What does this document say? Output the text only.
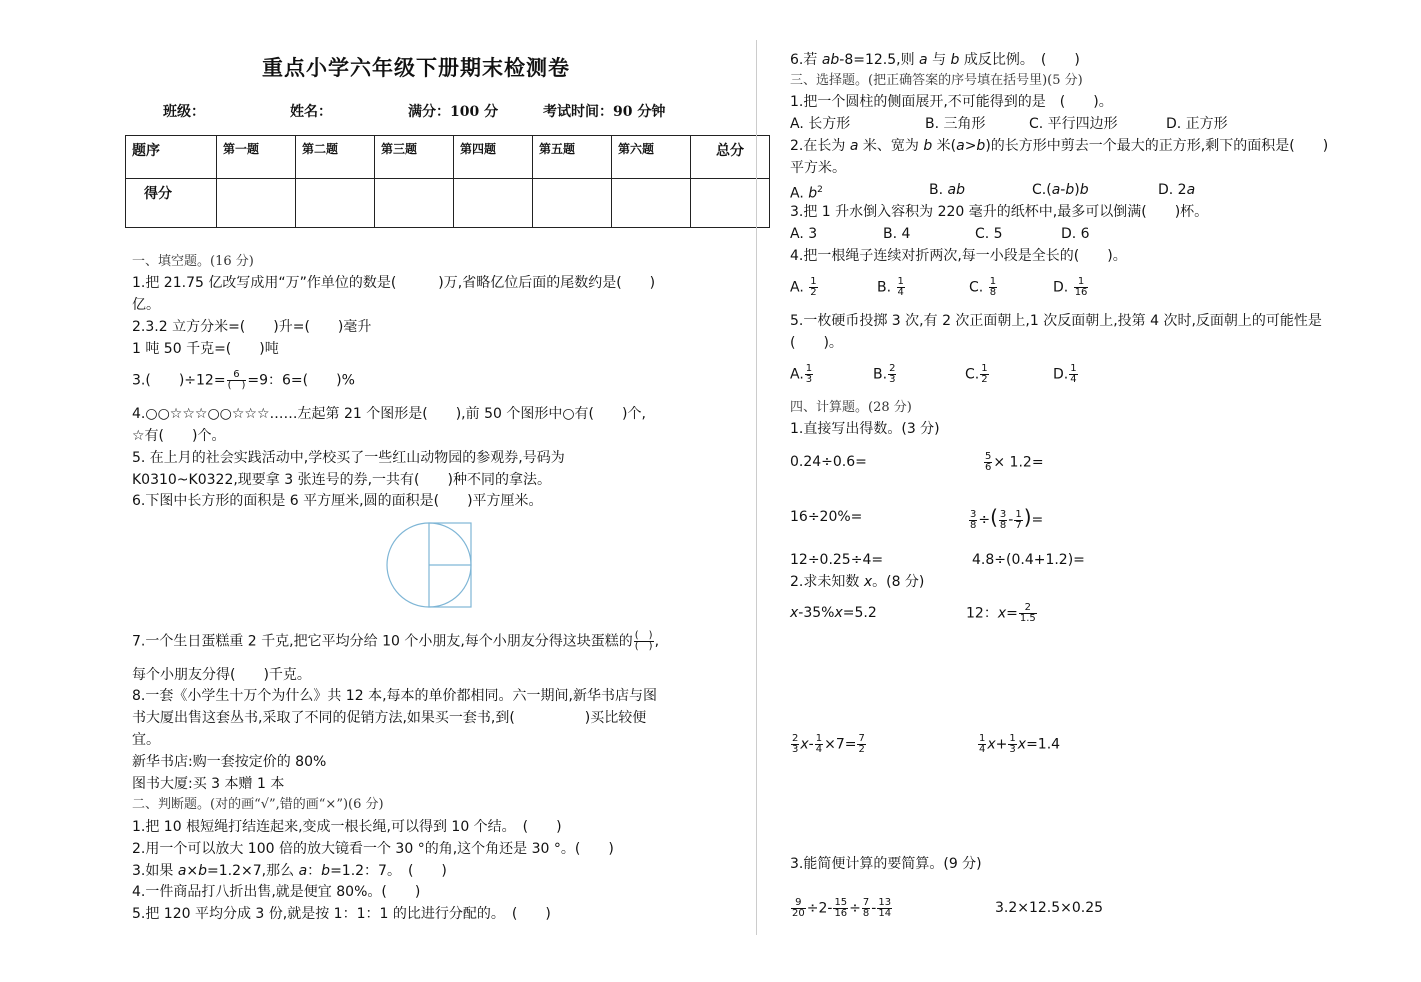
重点小学六年级下册期末检测卷
班级：	姓名：	满分：100 分	考试时间：90 分钟
题序	第一题	第二题	第三题	第四题	第五题	第六题	总分
得分							
一、填空题。(16 分)
1.把 21.75 亿改写成用“万”作单位的数是(　　　)万,省略亿位后面的尾数约是(　　)
亿。
2.3.2 立方分米=(　　)升=(　　)毫升
1 吨 50 千克=(　　)吨
3.(　　)$\div 12= \frac{6}{( )} =9$：6=(　　)%
4.○○☆☆☆○○☆☆☆……左起第 21 个图形是(　　),前 50 个图形中○有(　　)个,
☆有(　　)个。
5. 在上月的社会实践活动中,学校买了一些红山动物园的参观券,号码为
K0310~K0322,现要拿 3 张连号的券,一共有(　　)种不同的拿法。
6.下图中长方形的面积是 6 平方厘米,圆的面积是(　　)平方厘米。
7.一个生日蛋糕重 2 千克,把它平均分给 10 个小朋友,每个小朋友分得这块蛋糕的 $\frac{( )}{( )}$ ,
每个小朋友分得(　　)千克。
8.一套《小学生十万个为什么》共 12 本,每本的单价都相同。六一期间,新华书店与图
书大厦出售这套丛书,采取了不同的促销方法,如果买一套书,到(　　　　　)买比较便
宜。
新华书店:购一套按定价的 80%
图书大厦:买 3 本赠 1 本
二、判断题。(对的画“√”,错的画“×”)(6 分)
1.把 10 根短绳打结连起来,变成一根长绳,可以得到 10 个结。　(　　)
2.用一个可以放大 100 倍的放大镜看一个 30 °的角,这个角还是 30 °。(　　)
3.如果 a×b=1.2×7,那么 a：b=1.2：7。　(　　)
4.一件商品打八折出售,就是便宜 80%。(　　)
5.把 120 平均分成 3 份,就是按 1：1：1 的比进行分配的。　(　　)
6.若 ab-8=12.5,则 a 与 b 成反比例。　(　　)
三、选择题。(把正确答案的序号填在括号里)(5 分)
1.把一个圆柱的侧面展开,不可能得到的是　(　　)。
A. 长方形	B. 三角形	C. 平行四边形	D. 正方形
2.在长为 a 米、宽为 b 米(a>b)的长方形中剪去一个最大的正方形,剩下的面积是(　　)
平方米。
A. $b^2$	B. ab	C.(a-b)b	D. 2a
3.把 1 升水倒入容积为 220 毫升的纸杯中,最多可以倒满(　　)杯。
A. 3	B. 4	C. 5	D. 6
4.把一根绳子连续对折两次,每一小段是全长的(　　)。
A. $\frac{1}{2}$	B. $\frac{1}{4}$	C. $\frac{1}{8}$	D. $\frac{1}{16}$
5.一枚硬币投掷 3 次,有 2 次正面朝上,1 次反面朝上,投第 4 次时,反面朝上的可能性是
(　　)。
A. $\frac{1}{3}$	B. $\frac{2}{3}$	C. $\frac{1}{2}$	D. $\frac{1}{4}$
四、计算题。(28 分)
1.直接写出得数。(3 分)
0.24÷0.6=	$\frac{5}{6} \times 1.2=$
16÷20%=	$\frac{3}{8}$ ÷( $\frac{3}{8} - \frac{1}{7}$ )=
12÷0.25÷4=	4.8÷(0.4+1.2)=
2.求未知数 x。(8 分)
x-35%x=5.2	12：$x= \frac{2}{1.5}$
$\frac{2}{3} x- \frac{1}{4} \times 7= \frac{7}{2}$	$\frac{1}{4} x+ \frac{1}{3} x=1.4$
3.能简便计算的要简算。(9 分)
$\frac{9}{20} \div 2- \frac{15}{16} \div \frac{7}{8} - \frac{13}{14}$	3.2×12.5×0.25
